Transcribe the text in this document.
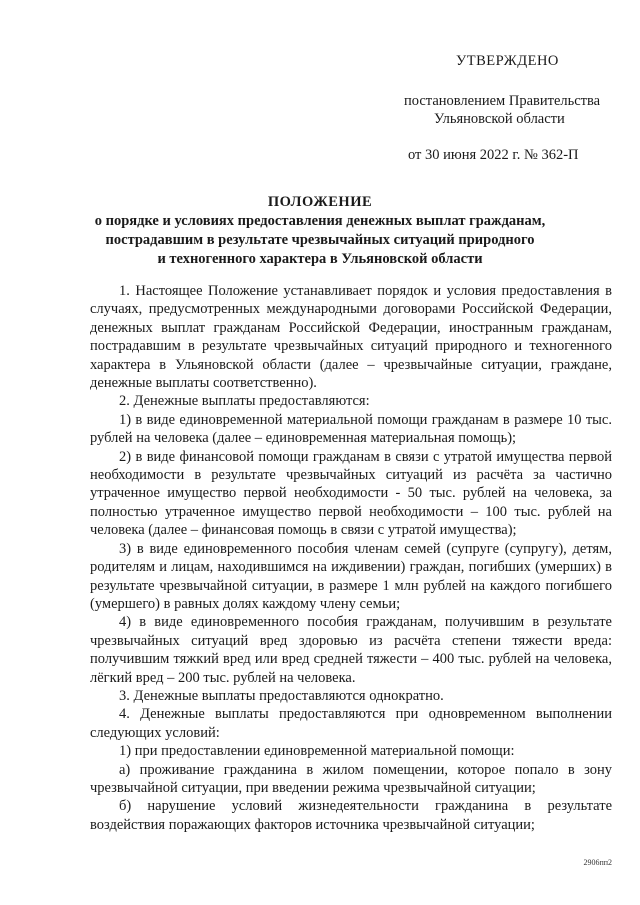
УТВЕРЖДЕНО
постановлением Правительства
Ульяновской области
от 30 июня 2022 г. № 362-П
ПОЛОЖЕНИЕ
о порядке и условиях предоставления денежных выплат гражданам,
пострадавшим в результате чрезвычайных ситуаций природного
и техногенного характера в Ульяновской области

1. Настоящее Положение устанавливает порядок и условия предоставления в случаях, предусмотренных международными договорами Российской Федерации, денежных выплат гражданам Российской Федерации, иностранным гражданам, пострадавшим в результате чрезвычайных ситуаций природного и техногенного характера в Ульяновской области (далее – чрезвычайные ситуации, граждане, денежные выплаты соответственно).

2. Денежные выплаты предоставляются:

1) в виде единовременной материальной помощи гражданам в размере 10 тыс. рублей на человека (далее – единовременная материальная помощь);

2) в виде финансовой помощи гражданам в связи с утратой имущества первой необходимости в результате чрезвычайных ситуаций из расчёта за частично утраченное имущество первой необходимости - 50 тыс. рублей на человека, за полностью утраченное имущество первой необходимости – 100 тыс. рублей на человека (далее – финансовая помощь в связи с утратой имущества);

3) в виде единовременного пособия членам семей (супруге (супругу), детям, родителям и лицам, находившимся на иждивении) граждан, погибших (умерших) в результате чрезвычайной ситуации, в размере 1 млн рублей на каждого погибшего (умершего) в равных долях каждому члену семьи;

4) в виде единовременного пособия гражданам, получившим в результате чрезвычайных ситуаций вред здоровью из расчёта степени тяжести вреда: получившим тяжкий вред или вред средней тяжести – 400 тыс. рублей на человека, лёгкий вред – 200 тыс. рублей на человека.

3. Денежные выплаты предоставляются однократно.

4. Денежные выплаты предоставляются при одновременном выполнении следующих условий:

1) при предоставлении единовременной материальной помощи:

а) проживание гражданина в жилом помещении, которое попало в зону чрезвычайной ситуации, при введении режима чрезвычайной ситуации;

б) нарушение условий жизнедеятельности гражданина в результате воздействия поражающих факторов источника чрезвычайной ситуации;

2906пп2
